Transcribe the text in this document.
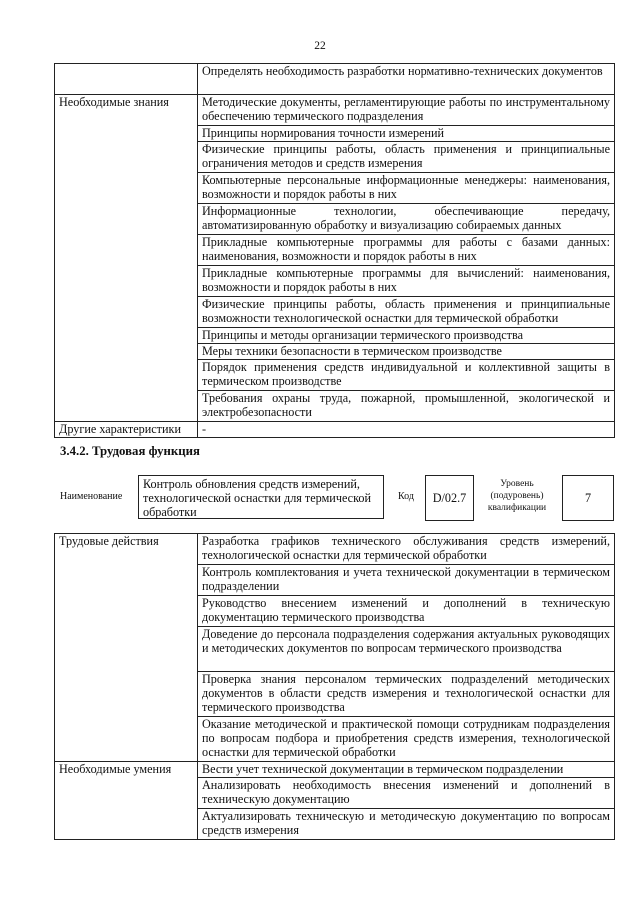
22
	Определять необходимость разработки нормативно-технических документов
Необходимые знания	Методические документы, регламентирующие работы по инструментальному обеспечению термического подразделения
	Принципы нормирования точности измерений
	Физические принципы работы, область применения и принципиальные ограничения методов и средств измерения
	Компьютерные персональные информационные менеджеры: наименования, возможности и порядок работы в них
	Информационные технологии, обеспечивающие передачу, автоматизированную обработку и визуализацию собираемых данных
	Прикладные компьютерные программы для работы с базами данных: наименования, возможности и порядок работы в них
	Прикладные компьютерные программы для вычислений: наименования, возможности и порядок работы в них
	Физические принципы работы, область применения и принципиальные возможности технологической оснастки для термической обработки
	Принципы и методы организации термического производства
	Меры техники безопасности в термическом производстве
	Порядок применения средств индивидуальной и коллективной защиты в термическом производстве
	Требования охраны труда, пожарной, промышленной, экологической и электробезопасности
Другие характеристики	-
3.4.2. Трудовая функция
Наименование
Контроль обновления средств измерений, технологической оснастки для термической обработки
Код	D/02.7
Уровень (подуровень) квалификации
7
Трудовые действия	Разработка графиков технического обслуживания средств измерений, технологической оснастки для термической обработки
	Контроль комплектования и учета технической документации в термическом подразделении
	Руководство внесением изменений и дополнений в техническую документацию термического производства
	Доведение до персонала подразделения содержания актуальных руководящих и методических документов по вопросам термического производства
	Проверка знания персоналом термических подразделений методических документов в области средств измерения и технологической оснастки для термического производства
	Оказание методической и практической помощи сотрудникам подразделения по вопросам подбора и приобретения средств измерения, технологической оснастки для термической обработки
Необходимые умения	Вести учет технической документации в термическом подразделении
	Анализировать необходимость внесения изменений и дополнений в техническую документацию
	Актуализировать техническую и методическую документацию по вопросам средств измерения
